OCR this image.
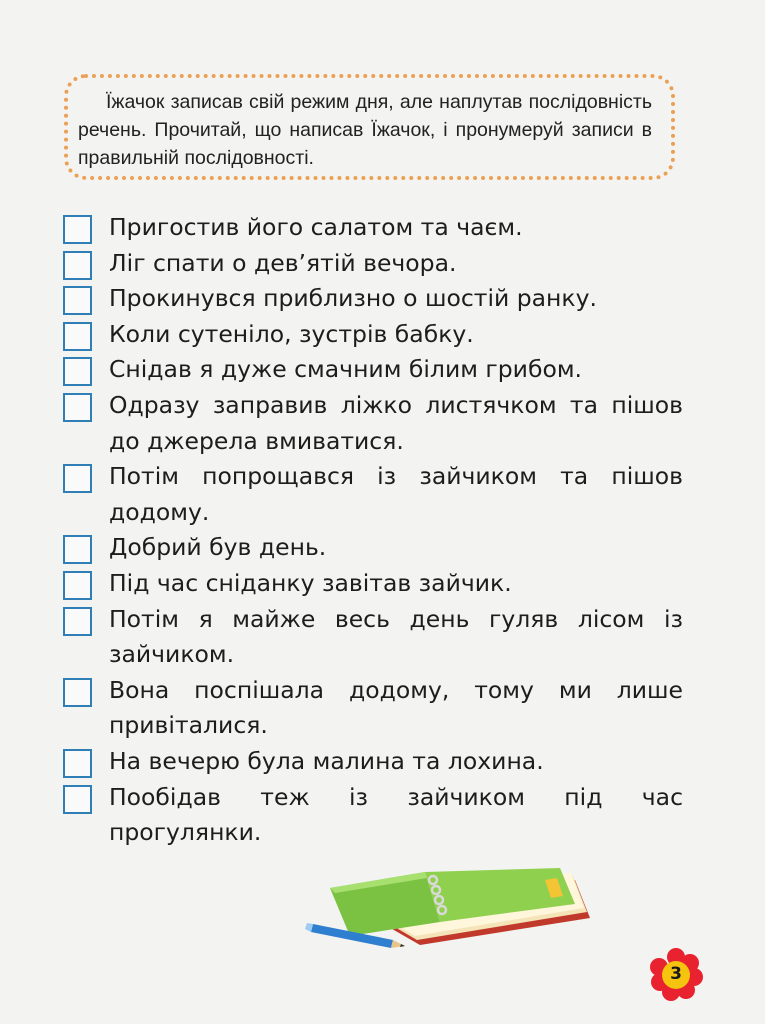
Їжачок записав свій режим дня, але наплутав послідовність речень. Прочитай, що написав Їжачок, і пронумеруй записи в правильній послідовності.

Пригостив його салатом та чаєм.
Ліг спати о дев’ятій вечора.
Прокинувся приблизно о шостій ранку.
Коли сутеніло, зустрів бабку.
Снідав я дуже смачним білим грибом.
Одразу заправив ліжко листячком та пішов до джерела вмиватися.
Потім попрощався із зайчиком та пішов додому.
Добрий був день.
Під час сніданку завітав зайчик.
Потім я майже весь день гуляв лісом із зайчиком.
Вона поспішала додому, тому ми лише привіталися.
На вечерю була малина та лохина.
Пообідав теж із зайчиком під час прогулянки.
3
